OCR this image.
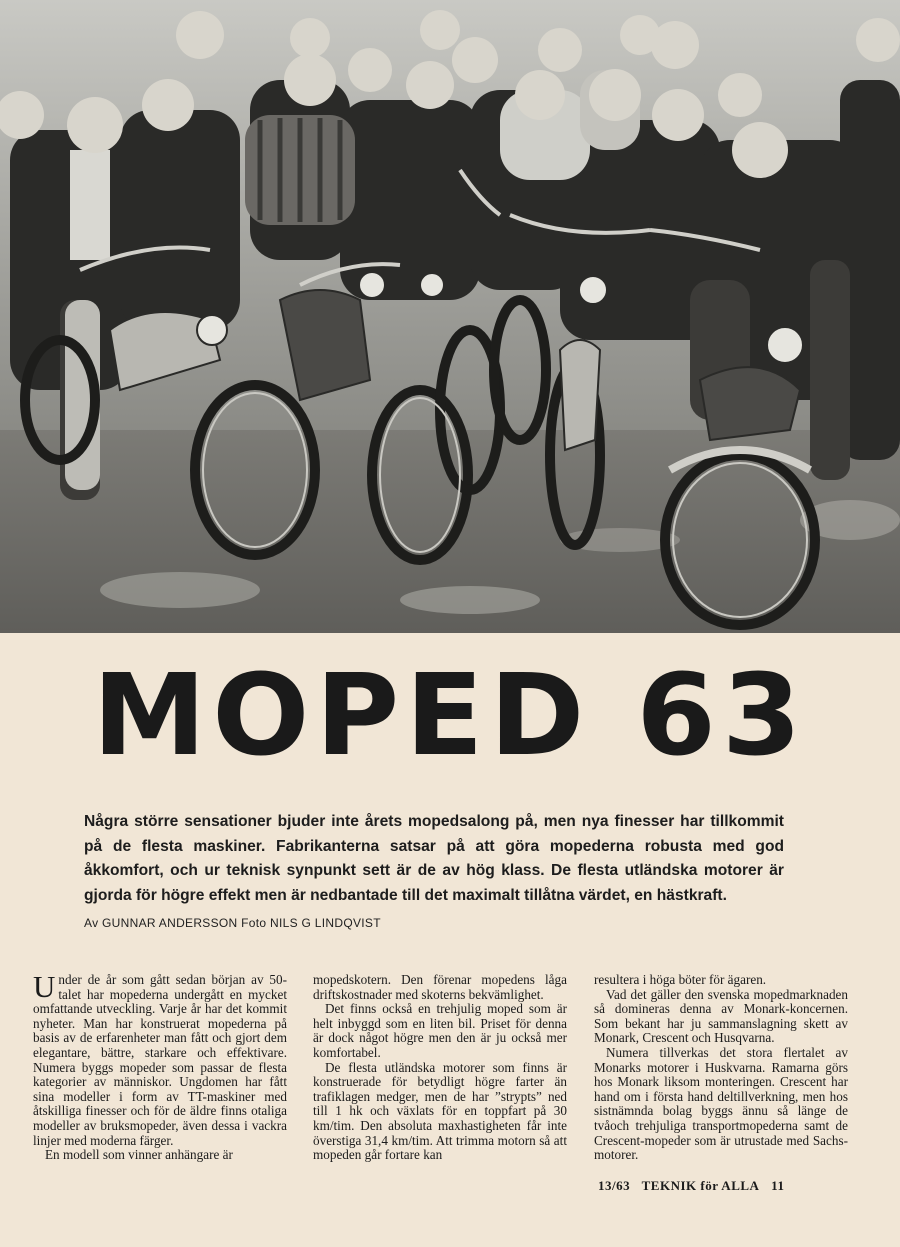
MOPED 63

Några större sensationer bjuder inte årets mopedsalong på, men nya finesser har tillkommit på de flesta maskiner. Fabrikanterna satsar på att göra mopederna robusta med god åkkomfort, och ur teknisk synpunkt sett är de av hög klass. De flesta utländska motorer är gjorda för högre effekt men är nedbantade till det maximalt tillåtna värdet, en hästkraft.

Av GUNNAR ANDERSSON Foto NILS G LINDQVIST

Under de år som gått sedan början av 50-talet har mopederna undergått en mycket omfattande utveckling. Varje år har det kommit nyheter. Man har konstruerat mopederna på basis av de erfarenheter man fått och gjort dem elegantare, bättre, starkare och effektivare. Numera byggs mopeder som passar de flesta kategorier av människor. Ungdomen har fått sina modeller i form av TT-maskiner med åtskilliga finesser och för de äldre finns otaliga modeller av bruksmopeder, även dessa i vackra linjer med moderna färger.

En modell som vinner anhängare är

mopedskotern. Den förenar mopedens låga driftskostnader med skoterns bekvämlighet.

Det finns också en trehjulig moped som är helt inbyggd som en liten bil. Priset för denna är dock något högre men den är ju också mer komfortabel.

De flesta utländska motorer som finns är konstruerade för betydligt högre farter än trafiklagen medger, men de har ”strypts” ned till 1 hk och växlats för en toppfart på 30 km/tim. Den absoluta maxhastigheten får inte överstiga 31,4 km/tim. Att trimma motorn så att mopeden går fortare kan

resultera i höga böter för ägaren.

Vad det gäller den svenska mopedmarknaden så domineras denna av Monark-koncernen. Som bekant har ju sammanslagning skett av Monark, Crescent och Husqvarna.

Numera tillverkas det stora flertalet av Monarks motorer i Huskvarna. Ramarna görs hos Monark liksom monteringen. Crescent har hand om i första hand deltillverkning, men hos sistnämnda bolag byggs ännu så länge de tvåoch trehjuliga transportmopederna samt de Crescent-mopeder som är utrustade med Sachs-motorer.

13/63 TEKNIK för ALLA 11
